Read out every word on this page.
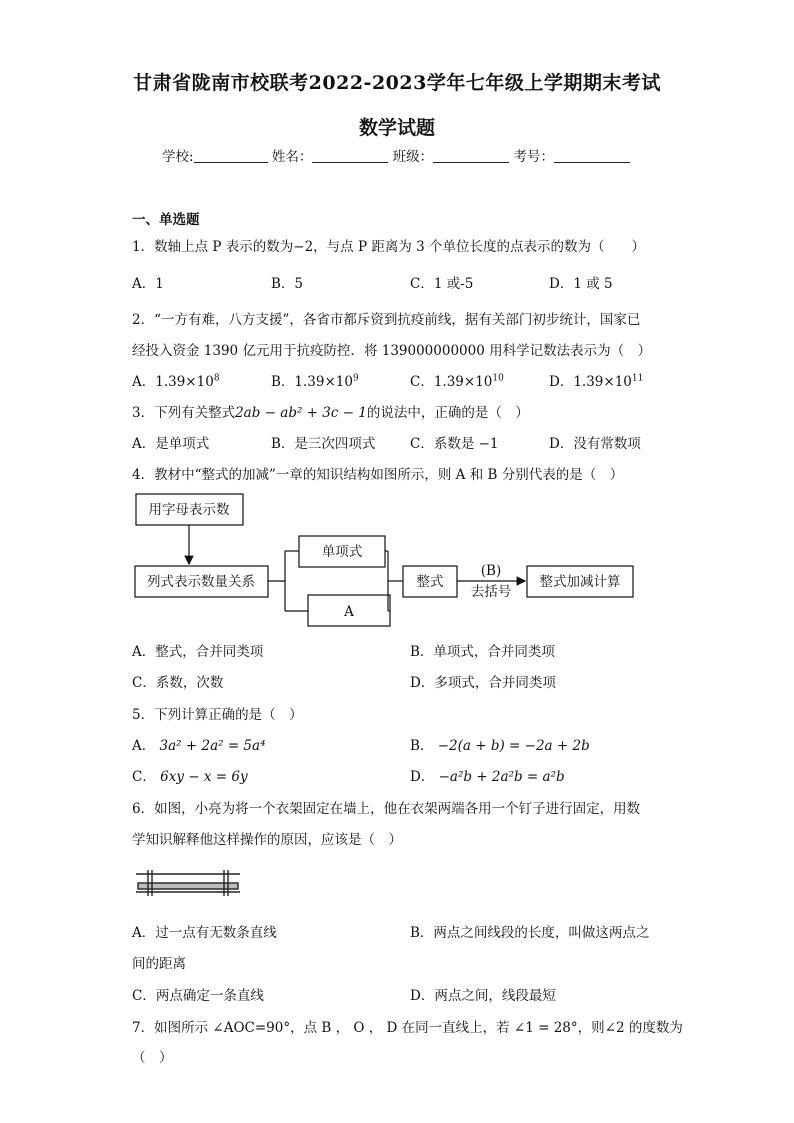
甘肃省陇南市校联考2022-2023学年七年级上学期期末考试
数学试题
学校:	姓名：	班级：	考号：
一、单选题
1．数轴上点 P 表示的数为−2，与点 P 距离为 3 个单位长度的点表示的数为（　　）
A．1	B．5	C．1 或-5	D．1 或 5
2．“一方有难，八方支援”，各省市都斥资到抗疫前线，据有关部门初步统计，国家已
经投入资金 1390 亿元用于抗疫防控．将 139000000000 用科学记数法表示为（　）
A．$1.39\times 10^8$	B．$1.39\times 10^9$	C．$1.39\times 10^{10}$	D．$1.39\times 10^{11}$
3．下列有关整式2ab − ab² + 3c − 1的说法中，正确的是（　）
A．是单项式	B．是三次四项式	C．系数是 −1	D．没有常数项
4．教材中“整式的加减”一章的知识结构如图所示，则 A 和 B 分别代表的是（　）
用字母表示数
列式表示数量关系
单项式
A
整式
(B)
去括号
整式加减计算
A．整式，合并同类项	B．单项式，合并同类项
C．系数，次数	D．多项式，合并同类项
5．下列计算正确的是（　）
A． 3a² + 2a² = 5a⁴	B． −2(a + b) = −2a + 2b
C． 6xy − x = 6y	D． −a²b + 2a²b = a²b
6．如图，小亮为将一个衣架固定在墙上，他在衣架两端各用一个钉子进行固定，用数
学知识解释他这样操作的原因，应该是（　）
A．过一点有无数条直线	B．两点之间线段的长度，叫做这两点之
间的距离
C．两点确定一条直线	D．两点之间，线段最短
7．如图所示 ∠AOC=90°，点 B ， O ， D 在同一直线上，若 ∠1 = 28°，则∠2 的度数为
（　）
